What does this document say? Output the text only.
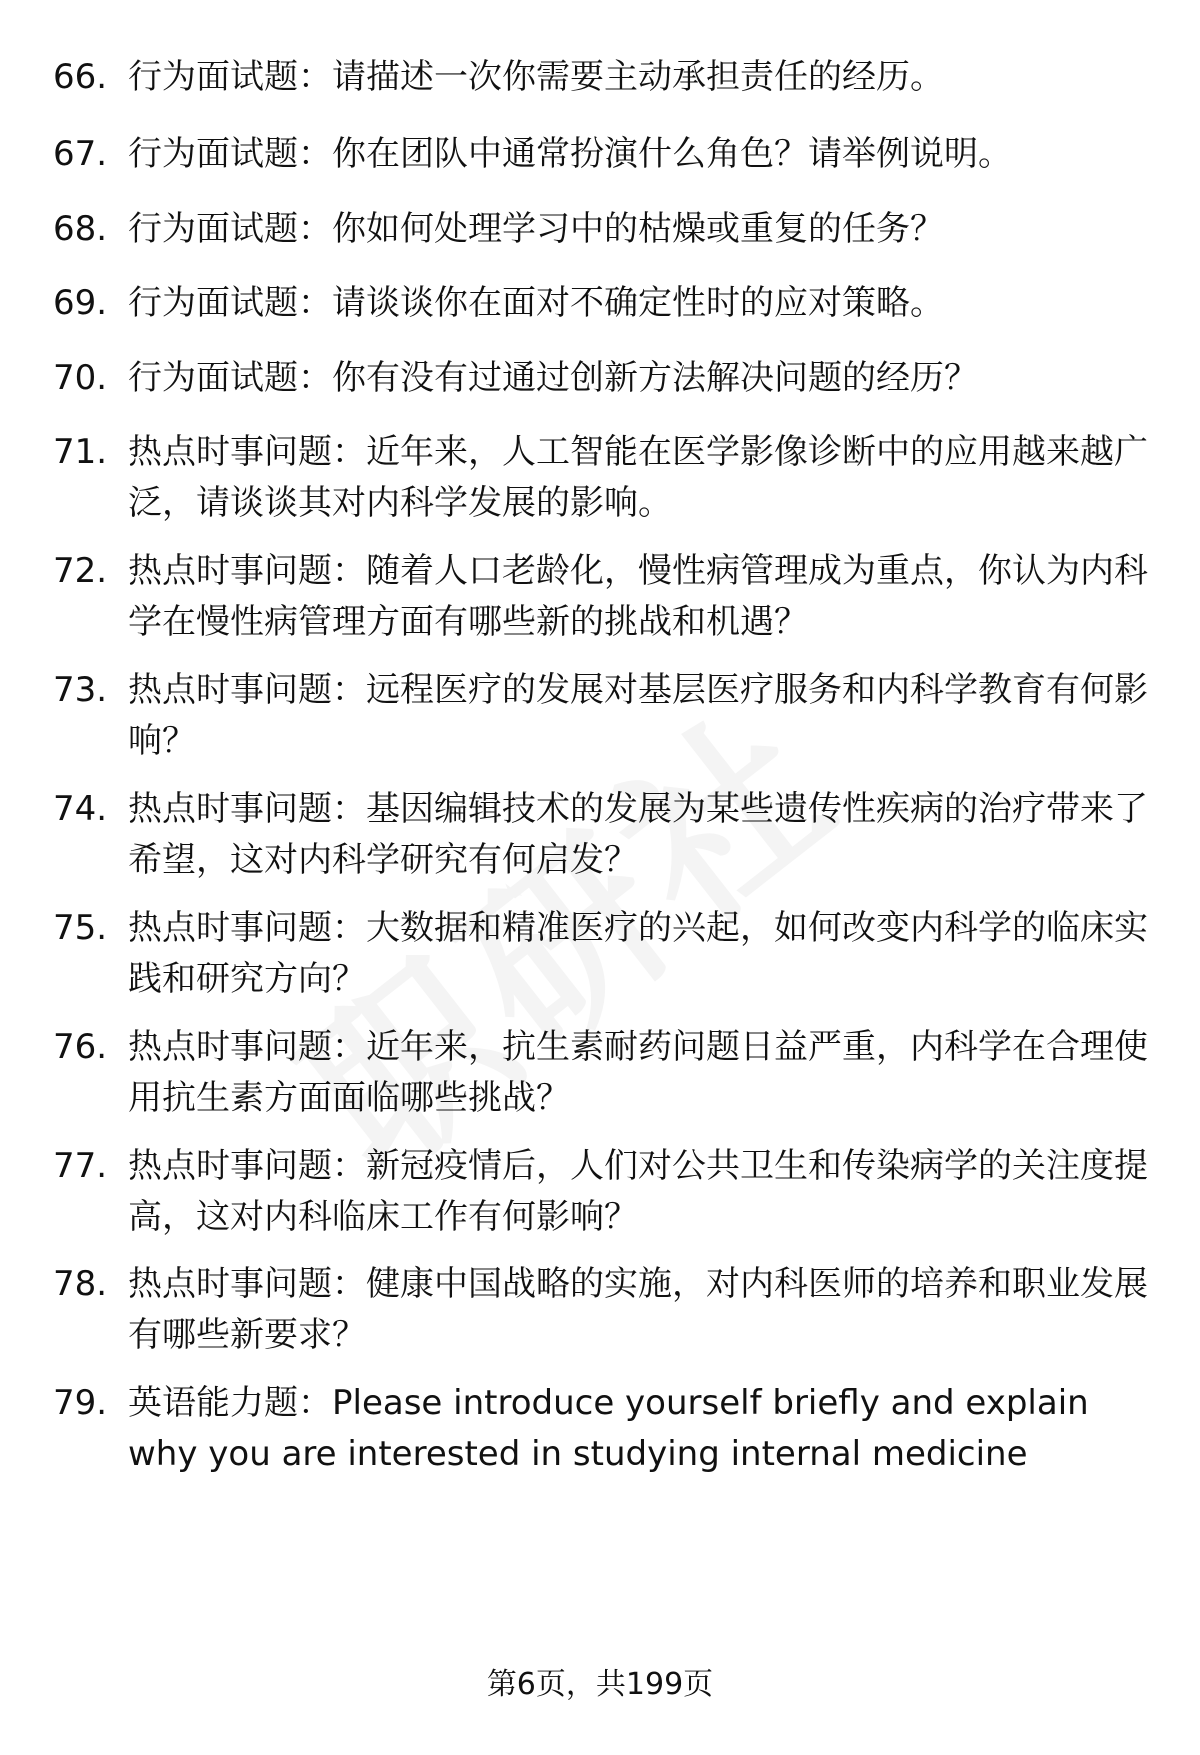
66. 行为面试题：请描述一次你需要主动承担责任的经历。
67. 行为面试题：你在团队中通常扮演什么角色？请举例说明。
68. 行为面试题：你如何处理学习中的枯燥或重复的任务？
69. 行为面试题：请谈谈你在面对不确定性时的应对策略。
70. 行为面试题：你有没有过通过创新方法解决问题的经历？
71. 热点时事问题：近年来，人工智能在医学影像诊断中的应用越来越广泛，请谈谈其对内科学发展的影响。
72. 热点时事问题：随着人口老龄化，慢性病管理成为重点，你认为内科学在慢性病管理方面有哪些新的挑战和机遇？
73. 热点时事问题：远程医疗的发展对基层医疗服务和内科学教育有何影响？
74. 热点时事问题：基因编辑技术的发展为某些遗传性疾病的治疗带来了希望，这对内科学研究有何启发？
75. 热点时事问题：大数据和精准医疗的兴起，如何改变内科学的临床实践和研究方向？
76. 热点时事问题：近年来，抗生素耐药问题日益严重，内科学在合理使用抗生素方面面临哪些挑战？
77. 热点时事问题：新冠疫情后，人们对公共卫生和传染病学的关注度提高，这对内科临床工作有何影响？
78. 热点时事问题：健康中国战略的实施，对内科医师的培养和职业发展有哪些新要求？
79. 英语能力题：Please introduce yourself briefly and explain why you are interested in studying internal medicine
第6页，共199页
